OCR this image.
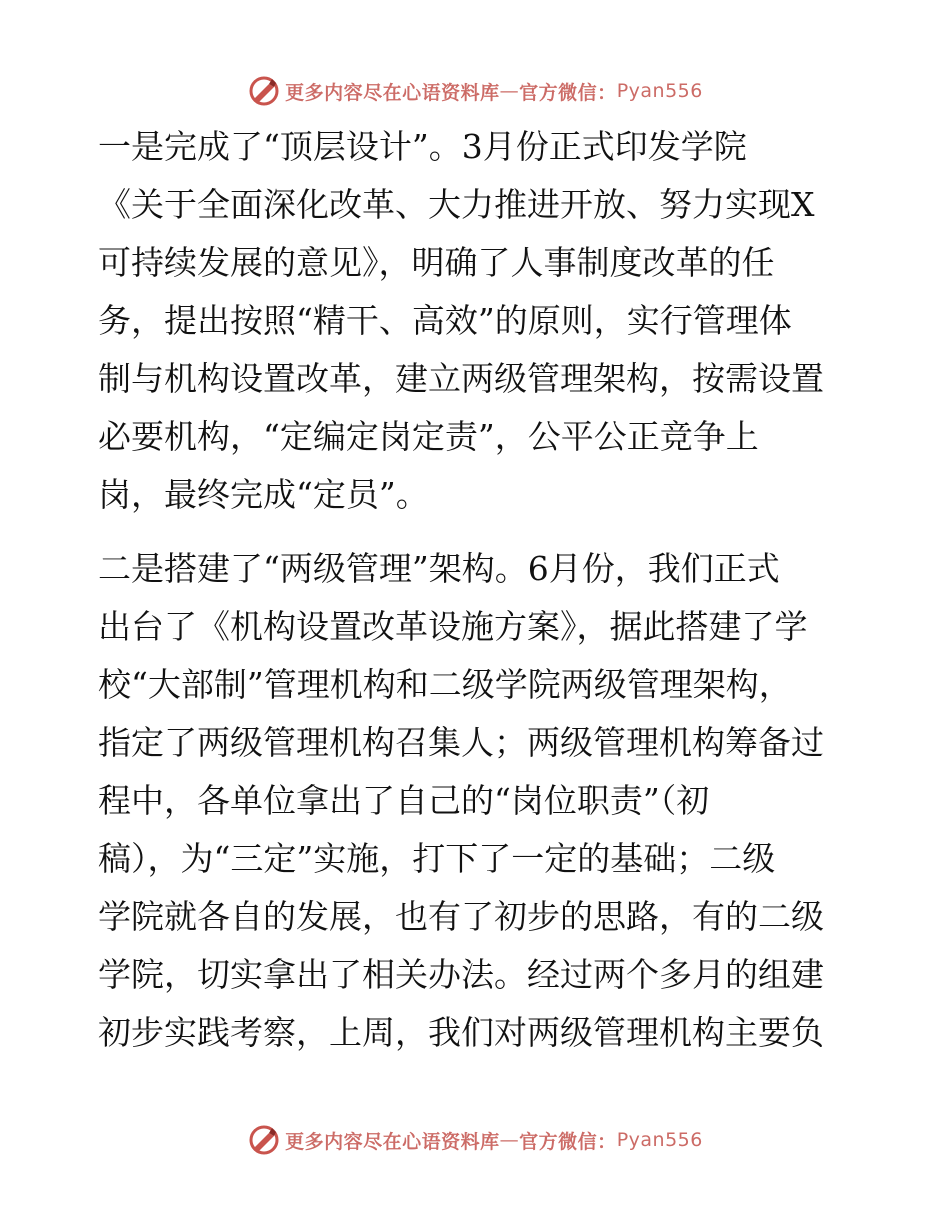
更多内容尽在心语资料库 — 官方微信： Pyan556

一是完成了“顶层设计”。3月份正式印发学院
《关于全面深化改革、大力推进开放、努力实现X
可持续发展的意见》，明确了人事制度改革的任
务，提出按照“精干、高效”的原则，实行管理体
制与机构设置改革，建立两级管理架构，按需设置
必要机构，“定编定岗定责”，公平公正竞争上
岗，最终完成“定员”。

二是搭建了“两级管理”架构。6月份，我们正式
出台了《机构设置改革设施方案》，据此搭建了学
校“大部制”管理机构和二级学院两级管理架构，
指定了两级管理机构召集人；两级管理机构筹备过
程中，各单位拿出了自己的“岗位职责”（初
稿），为“三定”实施，打下了一定的基础；二级
学院就各自的发展，也有了初步的思路，有的二级
学院，切实拿出了相关办法。经过两个多月的组建
初步实践考察，上周，我们对两级管理机构主要负

更多内容尽在心语资料库 — 官方微信： Pyan556
